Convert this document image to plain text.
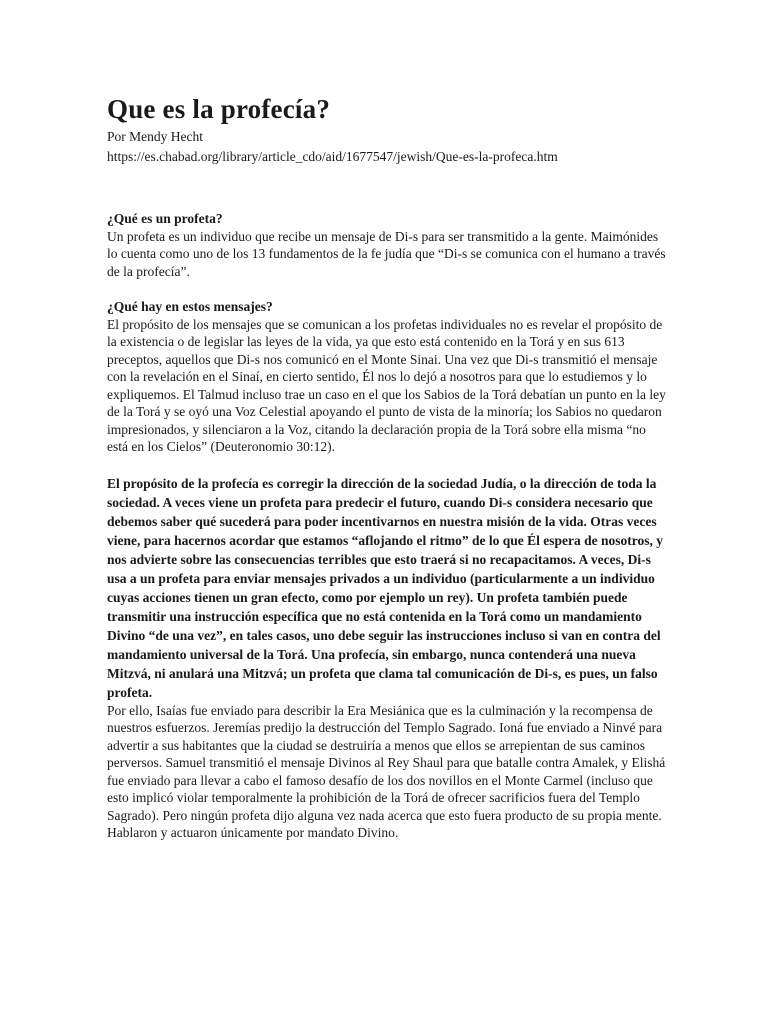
Que es la profecía?

Por Mendy Hecht

https://es.chabad.org/library/article_cdo/aid/1677547/jewish/Que-es-la-profeca.htm

¿Qué es un profeta?

Un profeta es un individuo que recibe un mensaje de Di-s para ser transmitido a la gente. Maimónides lo cuenta como uno de los 13 fundamentos de la fe judía que “Di-s se comunica con el humano a través de la profecía”.

¿Qué hay en estos mensajes?

El propósito de los mensajes que se comunican a los profetas individuales no es revelar el propósito de la existencia o de legislar las leyes de la vida, ya que esto está contenido en la Torá y en sus 613 preceptos, aquellos que Di-s nos comunicó en el Monte Sinai. Una vez que Di-s transmitió el mensaje con la revelación en el Sinaí, en cierto sentido, Él nos lo dejó a nosotros para que lo estudiemos y lo expliquemos. El Talmud incluso trae un caso en el que los Sabios de la Torá debatían un punto en la ley de la Torá y se oyó una Voz Celestial apoyando el punto de vista de la minoría; los Sabios no quedaron impresionados, y silenciaron a la Voz, citando la declaración propia de la Torá sobre ella misma “no está en los Cielos” (Deuteronomio 30:12).

El propósito de la profecía es corregir la dirección de la sociedad Judía, o la dirección de toda la sociedad. A veces viene un profeta para predecir el futuro, cuando Di-s considera necesario que debemos saber qué sucederá para poder incentivarnos en nuestra misión de la vida. Otras veces viene, para hacernos acordar que estamos “aflojando el ritmo” de lo que Él espera de nosotros, y nos advierte sobre las consecuencias terribles que esto traerá si no recapacitamos. A veces, Di-s usa a un profeta para enviar mensajes privados a un individuo (particularmente a un individuo cuyas acciones tienen un gran efecto, como por ejemplo un rey). Un profeta también puede transmitir una instrucción específica que no está contenida en la Torá como un mandamiento Divino “de una vez”, en tales casos, uno debe seguir las instrucciones incluso si van en contra del mandamiento universal de la Torá. Una profecía, sin embargo, nunca contenderá una nueva Mitzvá, ni anulará una Mitzvá; un profeta que clama tal comunicación de Di-s, es pues, un falso profeta.

Por ello, Isaías fue enviado para describir la Era Mesiánica que es la culminación y la recompensa de nuestros esfuerzos. Jeremías predijo la destrucción del Templo Sagrado. Ioná fue enviado a Ninvé para advertir a sus habitantes que la ciudad se destruiría a menos que ellos se arrepientan de sus caminos perversos. Samuel transmitió el mensaje Divinos al Rey Shaul para que batalle contra Amalek, y Elishá fue enviado para llevar a cabo el famoso desafío de los dos novillos en el Monte Carmel (incluso que esto implicó violar temporalmente la prohibición de la Torá de ofrecer sacrificios fuera del Templo Sagrado). Pero ningún profeta dijo alguna vez nada acerca que esto fuera producto de su propia mente. Hablaron y actuaron únicamente por mandato Divino.
